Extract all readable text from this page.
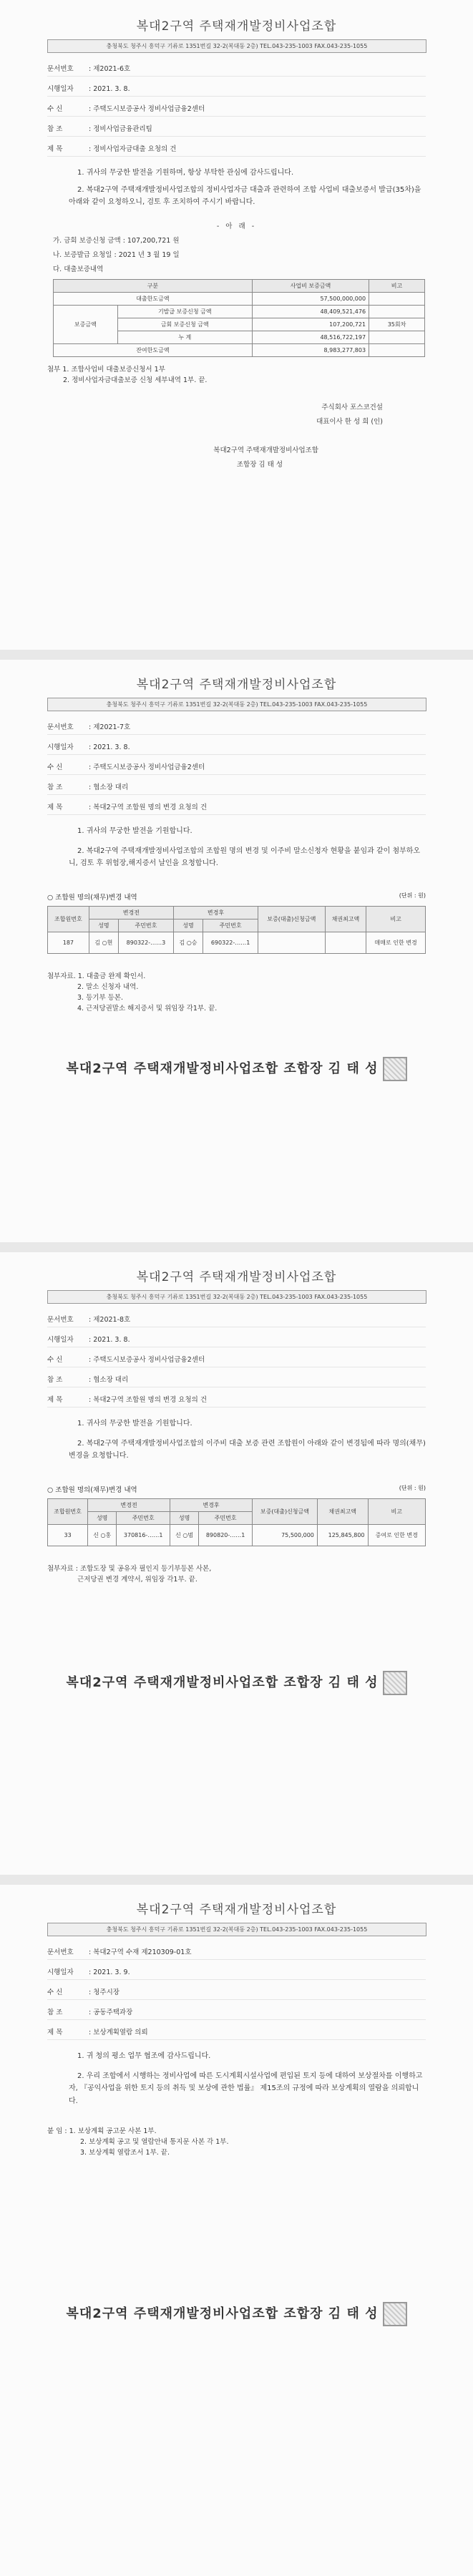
복대2구역 주택재개발정비사업조합
충청북도 청주시 흥덕구 기류로 1351번길 32-2(복대동 2층) TEL.043-235-1003 FAX.043-235-1055
문서번호 : 제2021-6호
시행일자 : 2021. 3. 8.
수 신	: 주택도시보증공사 정비사업금융2센터
참 조	: 정비사업금융관리팀
제 목	: 정비사업자금대출 요청의 건
1. 귀사의 무궁한 발전을 기원하며, 항상 부탁한 관심에 감사드립니다.
2. 복대2구역 주택재개발정비사업조합의 정비사업자금 대출과 관련하여 조합 사업비 대출보증서 발급(35차)을 아래와 같이 요청하오니, 검토 후 조치하여 주시기 바랍니다.
- 아 래 -
가. 금회 보증신청 금액 : 107,200,721 원
나. 보증발급 요청일 : 2021 년 3 월 19 일
다. 대출보증내역
구분		사업비 보증금액	비고
대출한도금액		57,500,000,000	
보증금액	기발급 보증신청 금액	48,409,521,476	
	금회 보증신청 금액	107,200,721	35회차
	누 계	48,516,722,197	
잔여한도금액		8,983,277,803	
첨부 1. 조합사업비 대출보증신청서 1부
2. 정비사업자금대출보증 신청 세부내역 1부. 끝.
주식회사 포스코건설
대표이사 한 성 희 (인)
복대2구역 주택재개발정비사업조합
조합장 김 태 성
복대2구역 주택재개발정비사업조합
충청북도 청주시 흥덕구 기류로 1351번길 32-2(복대동 2층) TEL.043-235-1003 FAX.043-235-1055
문서번호 : 제2021-7호
시행일자 : 2021. 3. 8.
수 신	: 주택도시보증공사 정비사업금융2센터
참 조	: 협소장 대리
제 목	: 복대2구역 조합원 명의 변경 요청의 건
1. 귀사의 무궁한 발전을 기원합니다.
2. 복대2구역 주택재개발정비사업조합의 조합원 명의 변경 및 이주비 말소신청자 현황을 붙임과 같이 첨부하오니, 검토 후 위험장,해지증서 날인을 요청합니다.
○ 조합원 명의(채무)변경 내역	(단위 : 원)
조합원번호	변경전		변경후		보증(대출)신청금액	채권최고액	비고
	성명	주민번호	성명	주민번호			
187	김 ○현	890322-……3	김 ○승	690322-……1			매매로 인한 변경
첨부자료. 1. 대출금 완제 확인서.
2. 말소 신청자 내역.
3. 등기부 등본.
4. 근저당권말소 해지증서 및 위임장 각1부. 끝.
복대2구역 주택재개발정비사업조합 조합장 김 태 성
복대2구역 주택재개발정비사업조합
충청북도 청주시 흥덕구 기류로 1351번길 32-2(복대동 2층) TEL.043-235-1003 FAX.043-235-1055
문서번호 : 제2021-8호
시행일자 : 2021. 3. 8.
수 신	: 주택도시보증공사 정비사업금융2센터
참 조	: 협소장 대리
제 목	: 복대2구역 조합원 명의 변경 요청의 건
1. 귀사의 무궁한 발전을 기원합니다.
2. 복대2구역 주택재개발정비사업조합의 이주비 대출 보증 관련 조합원이 아래와 같이 변경됨에 따라 명의(채무)변경을 요청합니다.
○ 조합원 명의(채무)변경 내역	(단위 : 원)
조합원번호	변경전		변경후		보증(대출)신청금액	채권최고액	비고
	성명	주민번호	성명	주민번호			
33	신 ○홍	370816-……1	신 ○범	890820-……1	75,500,000	125,845,800	증여로 인한 변경
첨부자료 : 조합도장 및 공유자 필인지 등기부등본 사본,
근저당권 변경 계약서, 위임장 각1부. 끝.
복대2구역 주택재개발정비사업조합 조합장 김 태 성
복대2구역 주택재개발정비사업조합
충청북도 청주시 흥덕구 기류로 1351번길 32-2(복대동 2층) TEL.043-235-1003 FAX.043-235-1055
문서번호 : 복대2구역 수재 제210309-01호
시행일자 : 2021. 3. 9.
수 신	: 청주시장
참 조	: 공동주택과장
제 목	: 보상계획열람 의뢰
1. 귀 청의 평소 업무 협조에 감사드립니다.
2. 우리 조합에서 시행하는 정비사업에 따른 도시계획시설사업에 편입된 토지 등에 대하여 보상절차를 이행하고자, 『공익사업을 위한 토지 등의 취득 및 보상에 관한 법률』 제15조의 규정에 따라 보상계획의 열람을 의뢰합니다.
붙 임 : 1. 보상계획 공고문 사본 1부.
2. 보상계획 공고 및 열람안내 통지문 사본 각 1부.
3. 보상계획 열람조서 1부. 끝.
복대2구역 주택재개발정비사업조합 조합장 김 태 성
